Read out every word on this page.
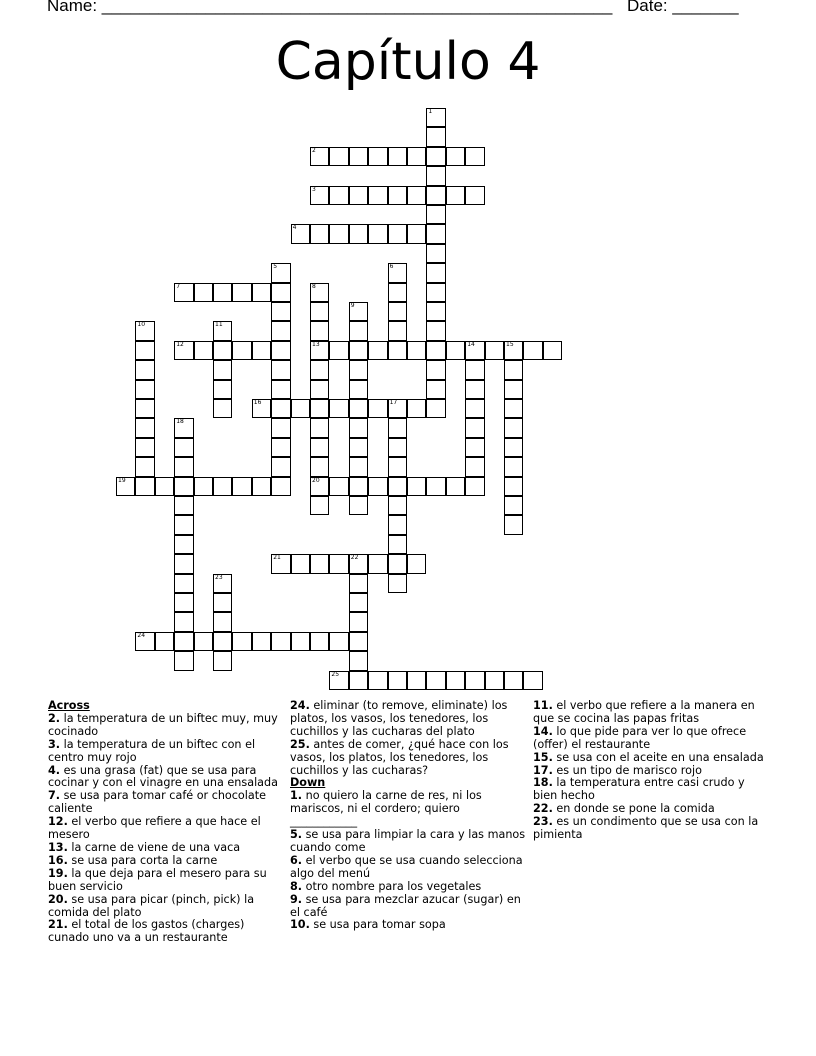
Name: ______________________________________________________ Date: _______
Capítulo 4
1
2
3
4
5	6
7	8
13
20
9
10	11
12	14	15
16	17
18
19
21	22
23
24
25
Across
2. la temperatura de un biftec muy, muy cocinado
3. la temperatura de un biftec con el centro muy rojo
4. es una grasa (fat) que se usa para cocinar y con el vinagre en una ensalada
7. se usa para tomar café or chocolate caliente
12. el verbo que refiere a que hace el mesero
13. la carne de viene de una vaca
16. se usa para corta la carne
19. la que deja para el mesero para su buen servicio
20. se usa para picar (pinch, pick) la comida del plato
21. el total de los gastos (charges) cunado uno va a un restaurante
24. eliminar (to remove, eliminate) los platos, los vasos, los tenedores, los cuchillos y las cucharas del plato
25. antes de comer, ¿qué hace con los vasos, los platos, los tenedores, los cuchillos y las cucharas?
Down
1. no quiero la carne de res, ni los mariscos, ni el cordero; quiero ____________
5. se usa para limpiar la cara y las manos cuando come
6. el verbo que se usa cuando selecciona algo del menú
8. otro nombre para los vegetales
9. se usa para mezclar azucar (sugar) en el café
10. se usa para tomar sopa
11. el verbo que refiere a la manera en que se cocina las papas fritas
14. lo que pide para ver lo que ofrece (offer) el restaurante
15. se usa con el aceite en una ensalada
17. es un tipo de marisco rojo
18. la temperatura entre casi crudo y bien hecho
22. en donde se pone la comida
23. es un condimento que se usa con la pimienta
